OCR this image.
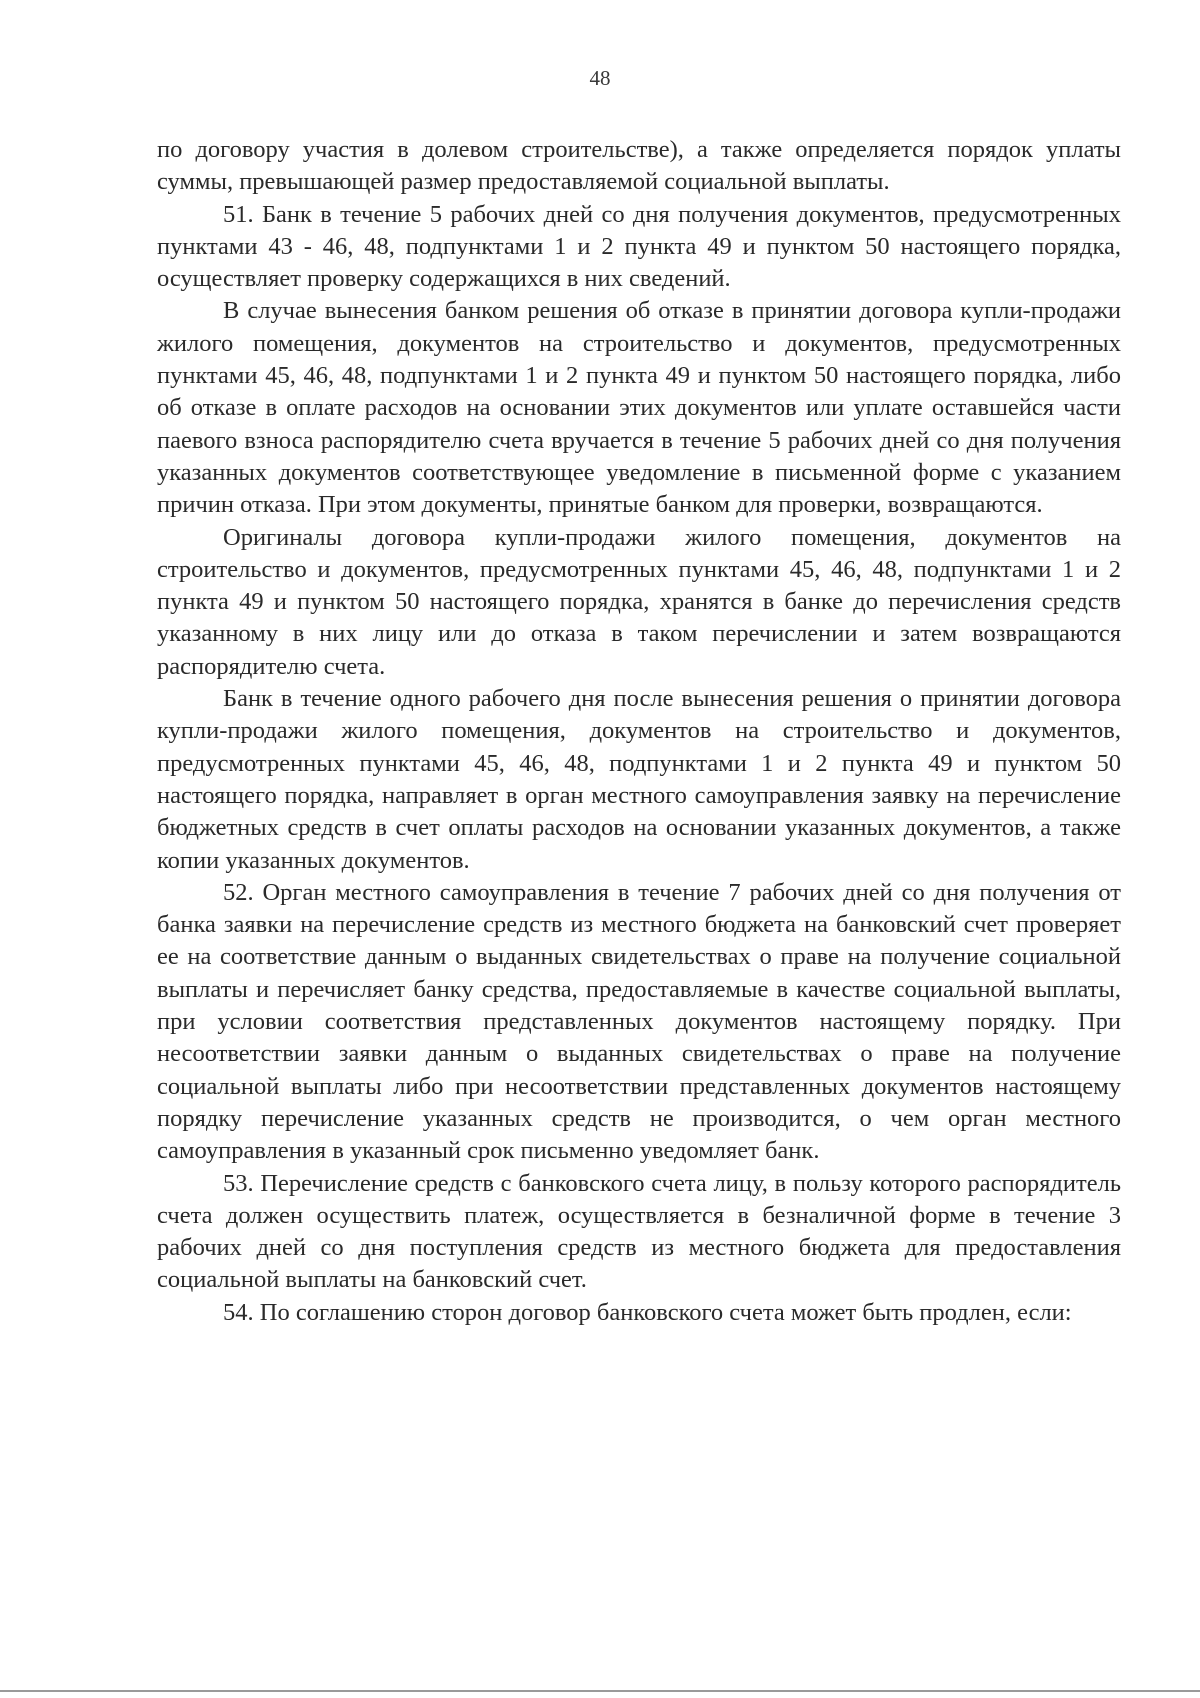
48

по договору участия в долевом строительстве), а также определяется порядок уплаты суммы, превышающей размер предоставляемой социальной выплаты.

51. Банк в течение 5 рабочих дней со дня получения документов, предусмотренных пунктами 43 - 46, 48, подпунктами 1 и 2 пункта 49 и пунктом 50 настоящего порядка, осуществляет проверку содержащихся в них сведений.

В случае вынесения банком решения об отказе в принятии договора купли-продажи жилого помещения, документов на строительство и документов, предусмотренных пунктами 45, 46, 48, подпунктами 1 и 2 пункта 49 и пунктом 50 настоящего порядка, либо об отказе в оплате расходов на основании этих документов или уплате оставшейся части паевого взноса распорядителю счета вручается в течение 5 рабочих дней со дня получения указанных документов соответствующее уведомление в письменной форме с указанием причин отказа. При этом документы, принятые банком для проверки, возвращаются.

Оригиналы договора купли-продажи жилого помещения, документов на строительство и документов, предусмотренных пунктами 45, 46, 48, подпунктами 1 и 2 пункта 49 и пунктом 50 настоящего порядка, хранятся в банке до перечисления средств указанному в них лицу или до отказа в таком перечислении и затем возвращаются распорядителю счета.

Банк в течение одного рабочего дня после вынесения решения о принятии договора купли-продажи жилого помещения, документов на строительство и документов, предусмотренных пунктами 45, 46, 48, подпунктами 1 и 2 пункта 49 и пунктом 50 настоящего порядка, направляет в орган местного самоуправления заявку на перечисление бюджетных средств в счет оплаты расходов на основании указанных документов, а также копии указанных документов.

52. Орган местного самоуправления в течение 7 рабочих дней со дня получения от банка заявки на перечисление средств из местного бюджета на банковский счет проверяет ее на соответствие данным о выданных свидетельствах о праве на получение социальной выплаты и перечисляет банку средства, предоставляемые в качестве социальной выплаты, при условии соответствия представленных документов настоящему порядку. При несоответствии заявки данным о выданных свидетельствах о праве на получение социальной выплаты либо при несоответствии представленных документов настоящему порядку перечисление указанных средств не производится, о чем орган местного самоуправления в указанный срок письменно уведомляет банк.

53. Перечисление средств с банковского счета лицу, в пользу которого распорядитель счета должен осуществить платеж, осуществляется в безналичной форме в течение 3 рабочих дней со дня поступления средств из местного бюджета для предоставления социальной выплаты на банковский счет.

54. По соглашению сторон договор банковского счета может быть продлен, если:
